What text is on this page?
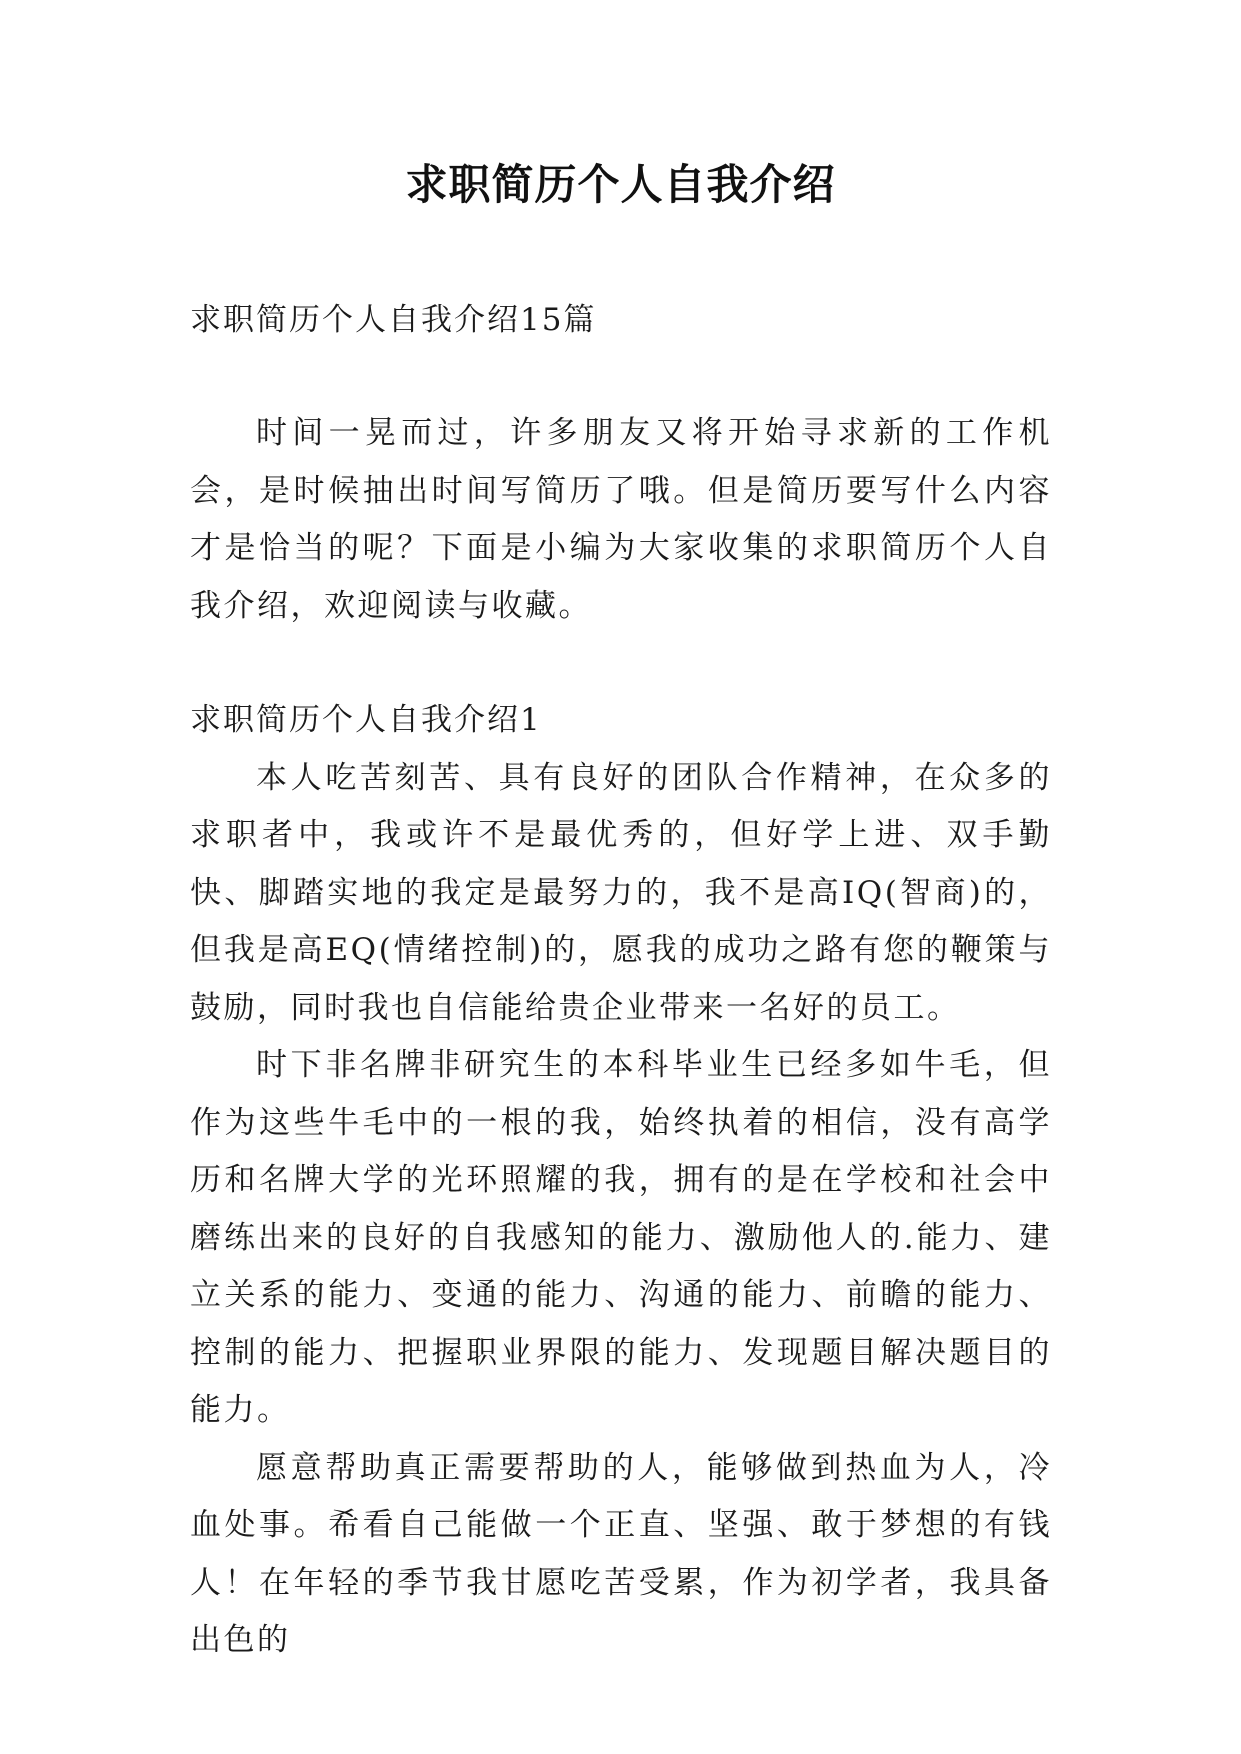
求职简历个人自我介绍
求职简历个人自我介绍15篇

时间一晃而过，许多朋友又将开始寻求新的工作机会，是时候抽出时间写简历了哦。但是简历要写什么内容才是恰当的呢？下面是小编为大家收集的求职简历个人自我介绍，欢迎阅读与收藏。

求职简历个人自我介绍1

本人吃苦刻苦、具有良好的团队合作精神，在众多的求职者中，我或许不是最优秀的，但好学上进、双手勤快、脚踏实地的我定是最努力的，我不是高IQ(智商)的，但我是高EQ(情绪控制)的，愿我的成功之路有您的鞭策与鼓励，同时我也自信能给贵企业带来一名好的员工。

时下非名牌非研究生的本科毕业生已经多如牛毛，但作为这些牛毛中的一根的我，始终执着的相信，没有高学历和名牌大学的光环照耀的我，拥有的是在学校和社会中磨练出来的良好的自我感知的能力、激励他人的.能力、建立关系的能力、变通的能力、沟通的能力、前瞻的能力、控制的能力、把握职业界限的能力、发现题目解决题目的能力。

愿意帮助真正需要帮助的人，能够做到热血为人，冷血处事。希看自己能做一个正直、坚强、敢于梦想的有钱人！在年轻的季节我甘愿吃苦受累，作为初学者，我具备出色的
